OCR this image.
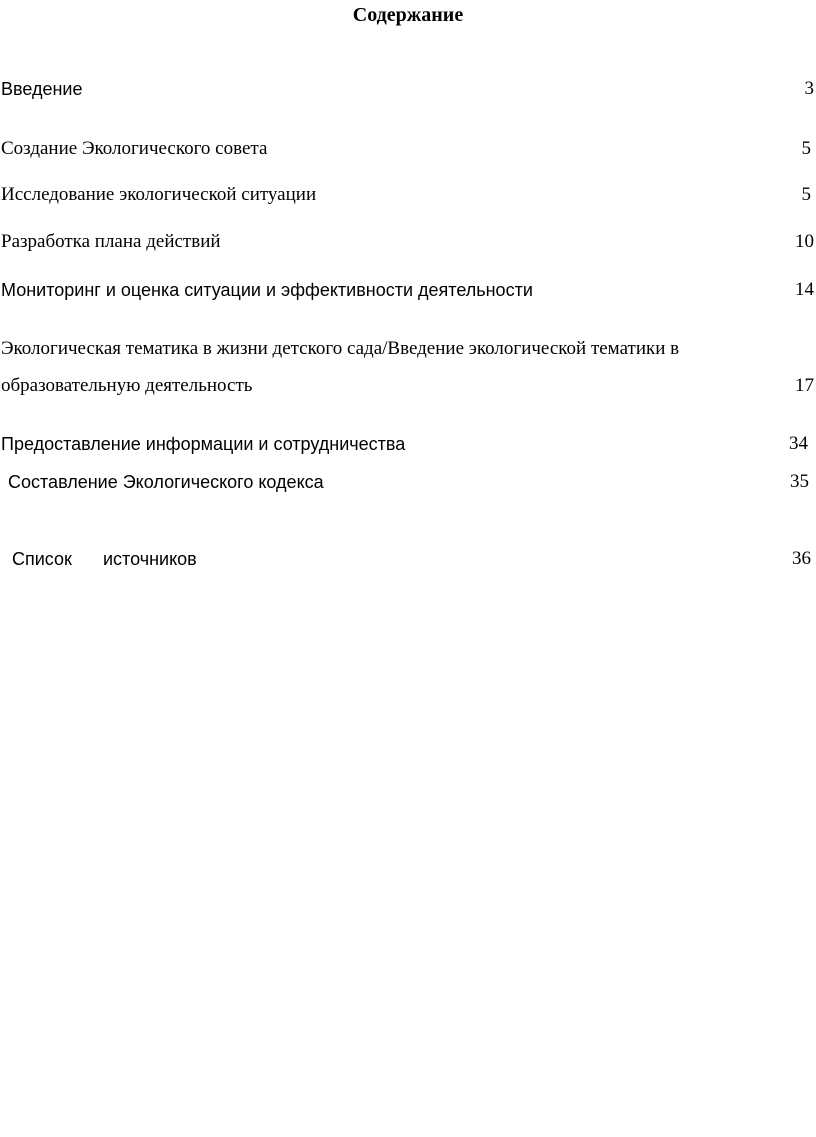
Содержание
Введение	3
Создание Экологического совета	5
Исследование экологической ситуации	5
Разработка плана действий	10
Мониторинг и оценка ситуации и эффективности деятельности	14
Экологическая тематика в жизни детского сада/Введение экологической тематики в
образовательную деятельность	17
Предоставление информации и сотрудничества	34
Составление Экологического кодекса	35
Список источников	36
